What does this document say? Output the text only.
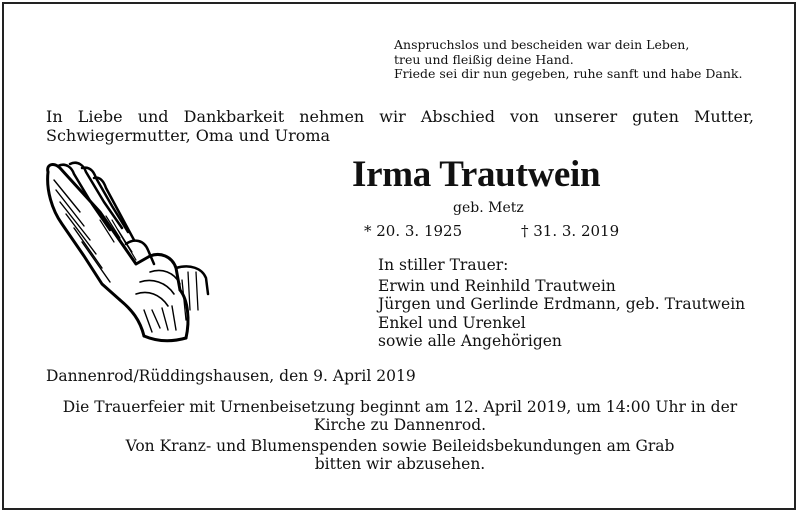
Anspruchslos und bescheiden war dein Leben,
treu und fleißig deine Hand.
Friede sei dir nun gegeben, ruhe sanft und habe Dank.
In Liebe und Dankbarkeit nehmen wir Abschied von unserer guten Mutter,
Schwiegermutter, Oma und Uroma
Irma Trautwein
geb. Metz
* 20. 3. 1925	† 31. 3. 2019
In stiller Trauer:
Erwin und Reinhild Trautwein
Jürgen und Gerlinde Erdmann, geb. Trautwein
Enkel und Urenkel
sowie alle Angehörigen
Dannenrod/Rüddingshausen, den 9. April 2019
Die Trauerfeier mit Urnenbeisetzung beginnt am 12. April 2019, um 14:00 Uhr in der
Kirche zu Dannenrod.
Von Kranz- und Blumenspenden sowie Beileidsbekundungen am Grab
bitten wir abzusehen.
